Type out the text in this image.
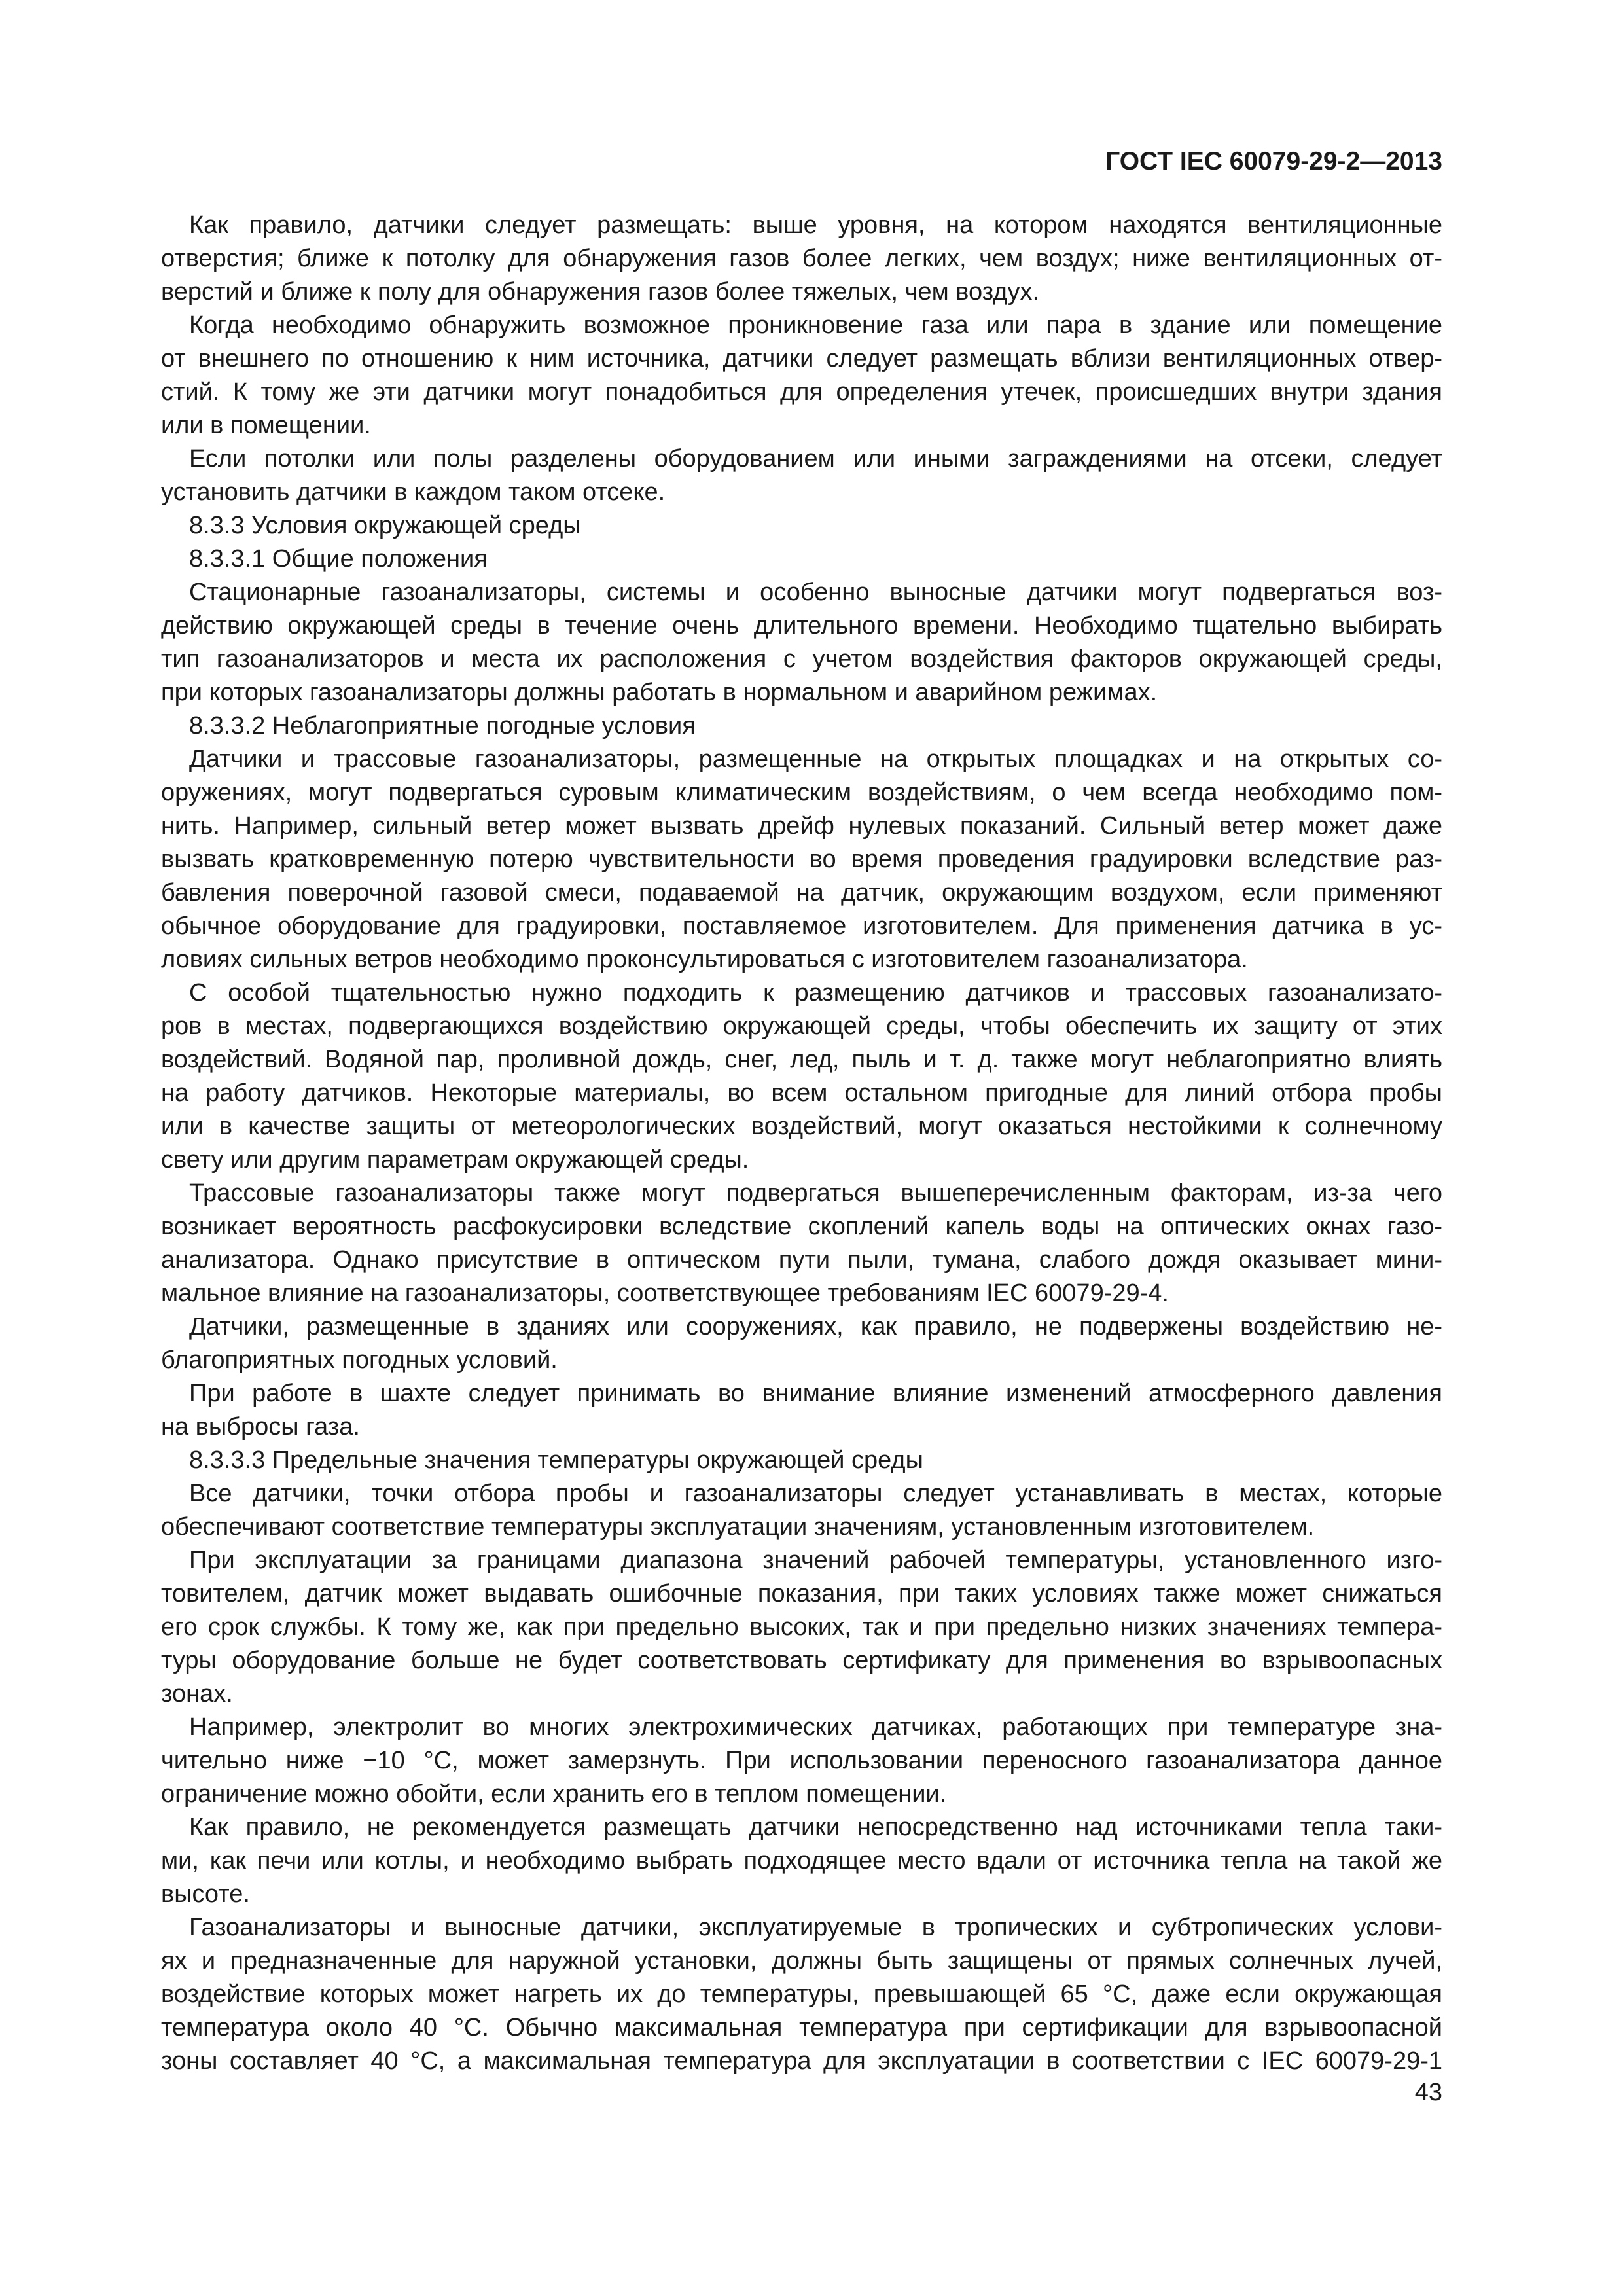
ГОСТ IEC 60079-29-2—2013
Как правило, датчики следует размещать: выше уровня, на котором находятся вентиляционные
отверстия; ближе к потолку для обнаружения газов более легких, чем воздух; ниже вентиляционных от-
верстий и ближе к полу для обнаружения газов более тяжелых, чем воздух.
Когда необходимо обнаружить возможное проникновение газа или пара в здание или помещение
от внешнего по отношению к ним источника, датчики следует размещать вблизи вентиляционных отвер-
стий. К тому же эти датчики могут понадобиться для определения утечек, происшедших внутри здания
или в помещении.
Если потолки или полы разделены оборудованием или иными заграждениями на отсеки, следует
установить датчики в каждом таком отсеке.
8.3.3 Условия окружающей среды
8.3.3.1 Общие положения
Стационарные газоанализаторы, системы и особенно выносные датчики могут подвергаться воз-
действию окружающей среды в течение очень длительного времени. Необходимо тщательно выбирать
тип газоанализаторов и места их расположения с учетом воздействия факторов окружающей среды,
при которых газоанализаторы должны работать в нормальном и аварийном режимах.
8.3.3.2 Неблагоприятные погодные условия
Датчики и трассовые газоанализаторы, размещенные на открытых площадках и на открытых со-
оружениях, могут подвергаться суровым климатическим воздействиям, о чем всегда необходимо пом-
нить. Например, сильный ветер может вызвать дрейф нулевых показаний. Сильный ветер может даже
вызвать кратковременную потерю чувствительности во время проведения градуировки вследствие раз-
бавления поверочной газовой смеси, подаваемой на датчик, окружающим воздухом, если применяют
обычное оборудование для градуировки, поставляемое изготовителем. Для применения датчика в ус-
ловиях сильных ветров необходимо проконсультироваться с изготовителем газоанализатора.
С особой тщательностью нужно подходить к размещению датчиков и трассовых газоанализато-
ров в местах, подвергающихся воздействию окружающей среды, чтобы обеспечить их защиту от этих
воздействий. Водяной пар, проливной дождь, снег, лед, пыль и т. д. также могут неблагоприятно влиять
на работу датчиков. Некоторые материалы, во всем остальном пригодные для линий отбора пробы
или в качестве защиты от метеорологических воздействий, могут оказаться нестойкими к солнечному
свету или другим параметрам окружающей среды.
Трассовые газоанализаторы также могут подвергаться вышеперечисленным факторам, из-за чего
возникает вероятность расфокусировки вследствие скоплений капель воды на оптических окнах газо-
анализатора. Однако присутствие в оптическом пути пыли, тумана, слабого дождя оказывает мини-
мальное влияние на газоанализаторы, соответствующее требованиям IEC 60079-29-4.
Датчики, размещенные в зданиях или сооружениях, как правило, не подвержены воздействию не-
благоприятных погодных условий.
При работе в шахте следует принимать во внимание влияние изменений атмосферного давления
на выбросы газа.
8.3.3.3 Предельные значения температуры окружающей среды
Все датчики, точки отбора пробы и газоанализаторы следует устанавливать в местах, которые
обеспечивают соответствие температуры эксплуатации значениям, установленным изготовителем.
При эксплуатации за границами диапазона значений рабочей температуры, установленного изго-
товителем, датчик может выдавать ошибочные показания, при таких условиях также может снижаться
его срок службы. К тому же, как при предельно высоких, так и при предельно низких значениях темпера-
туры оборудование больше не будет соответствовать сертификату для применения во взрывоопасных
зонах.
Например, электролит во многих электрохимических датчиках, работающих при температуре зна-
чительно ниже −10 °С, может замерзнуть. При использовании переносного газоанализатора данное
ограничение можно обойти, если хранить его в теплом помещении.
Как правило, не рекомендуется размещать датчики непосредственно над источниками тепла таки-
ми, как печи или котлы, и необходимо выбрать подходящее место вдали от источника тепла на такой же
высоте.
Газоанализаторы и выносные датчики, эксплуатируемые в тропических и субтропических услови-
ях и предназначенные для наружной установки, должны быть защищены от прямых солнечных лучей,
воздействие которых может нагреть их до температуры, превышающей 65 °С, даже если окружающая
температура около 40 °С. Обычно максимальная температура при сертификации для взрывоопасной
зоны составляет 40 °С, а максимальная температура для эксплуатации в соответствии с IEC 60079-29-1
43
